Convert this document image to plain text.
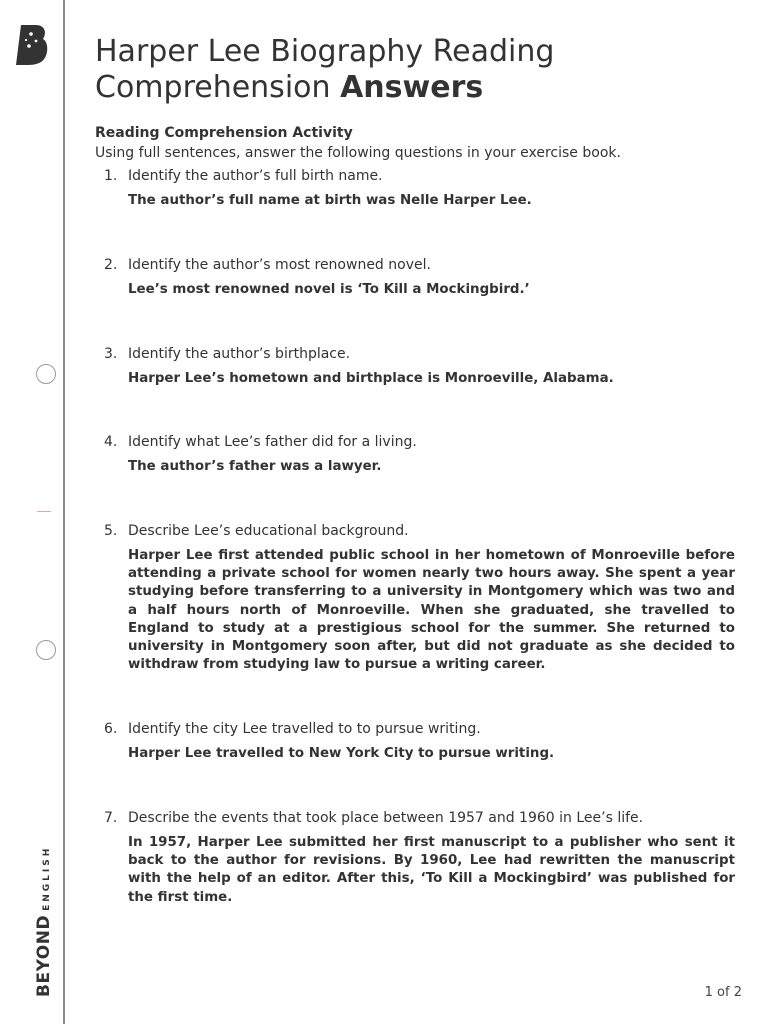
BEYONDENGLISH
Harper Lee Biography Reading
Comprehension Answers
Reading Comprehension Activity
Using full sentences, answer the following questions in your exercise book.
1. Identify the author’s full birth name.
The author’s full name at birth was Nelle Harper Lee.
2. Identify the author’s most renowned novel.
Lee’s most renowned novel is ‘To Kill a Mockingbird.’
3. Identify the author’s birthplace.
Harper Lee’s hometown and birthplace is Monroeville, Alabama.
4. Identify what Lee’s father did for a living.
The author’s father was a lawyer.
5. Describe Lee’s educational background.
Harper Lee first attended public school in her hometown of Monroeville before attending a private school for women nearly two hours away. She spent a year studying before transferring to a university in Montgomery which was two and a half hours north of Monroeville. When she graduated, she travelled to England to study at a prestigious school for the summer. She returned to university in Montgomery soon after, but did not graduate as she decided to withdraw from studying law to pursue a writing career.
6. Identify the city Lee travelled to to pursue writing.
Harper Lee travelled to New York City to pursue writing.
7. Describe the events that took place between 1957 and 1960 in Lee’s life.
In 1957, Harper Lee submitted her first manuscript to a publisher who sent it back to the author for revisions. By 1960, Lee had rewritten the manuscript with the help of an editor. After this, ‘To Kill a Mockingbird’ was published for the first time.
1 of 2
